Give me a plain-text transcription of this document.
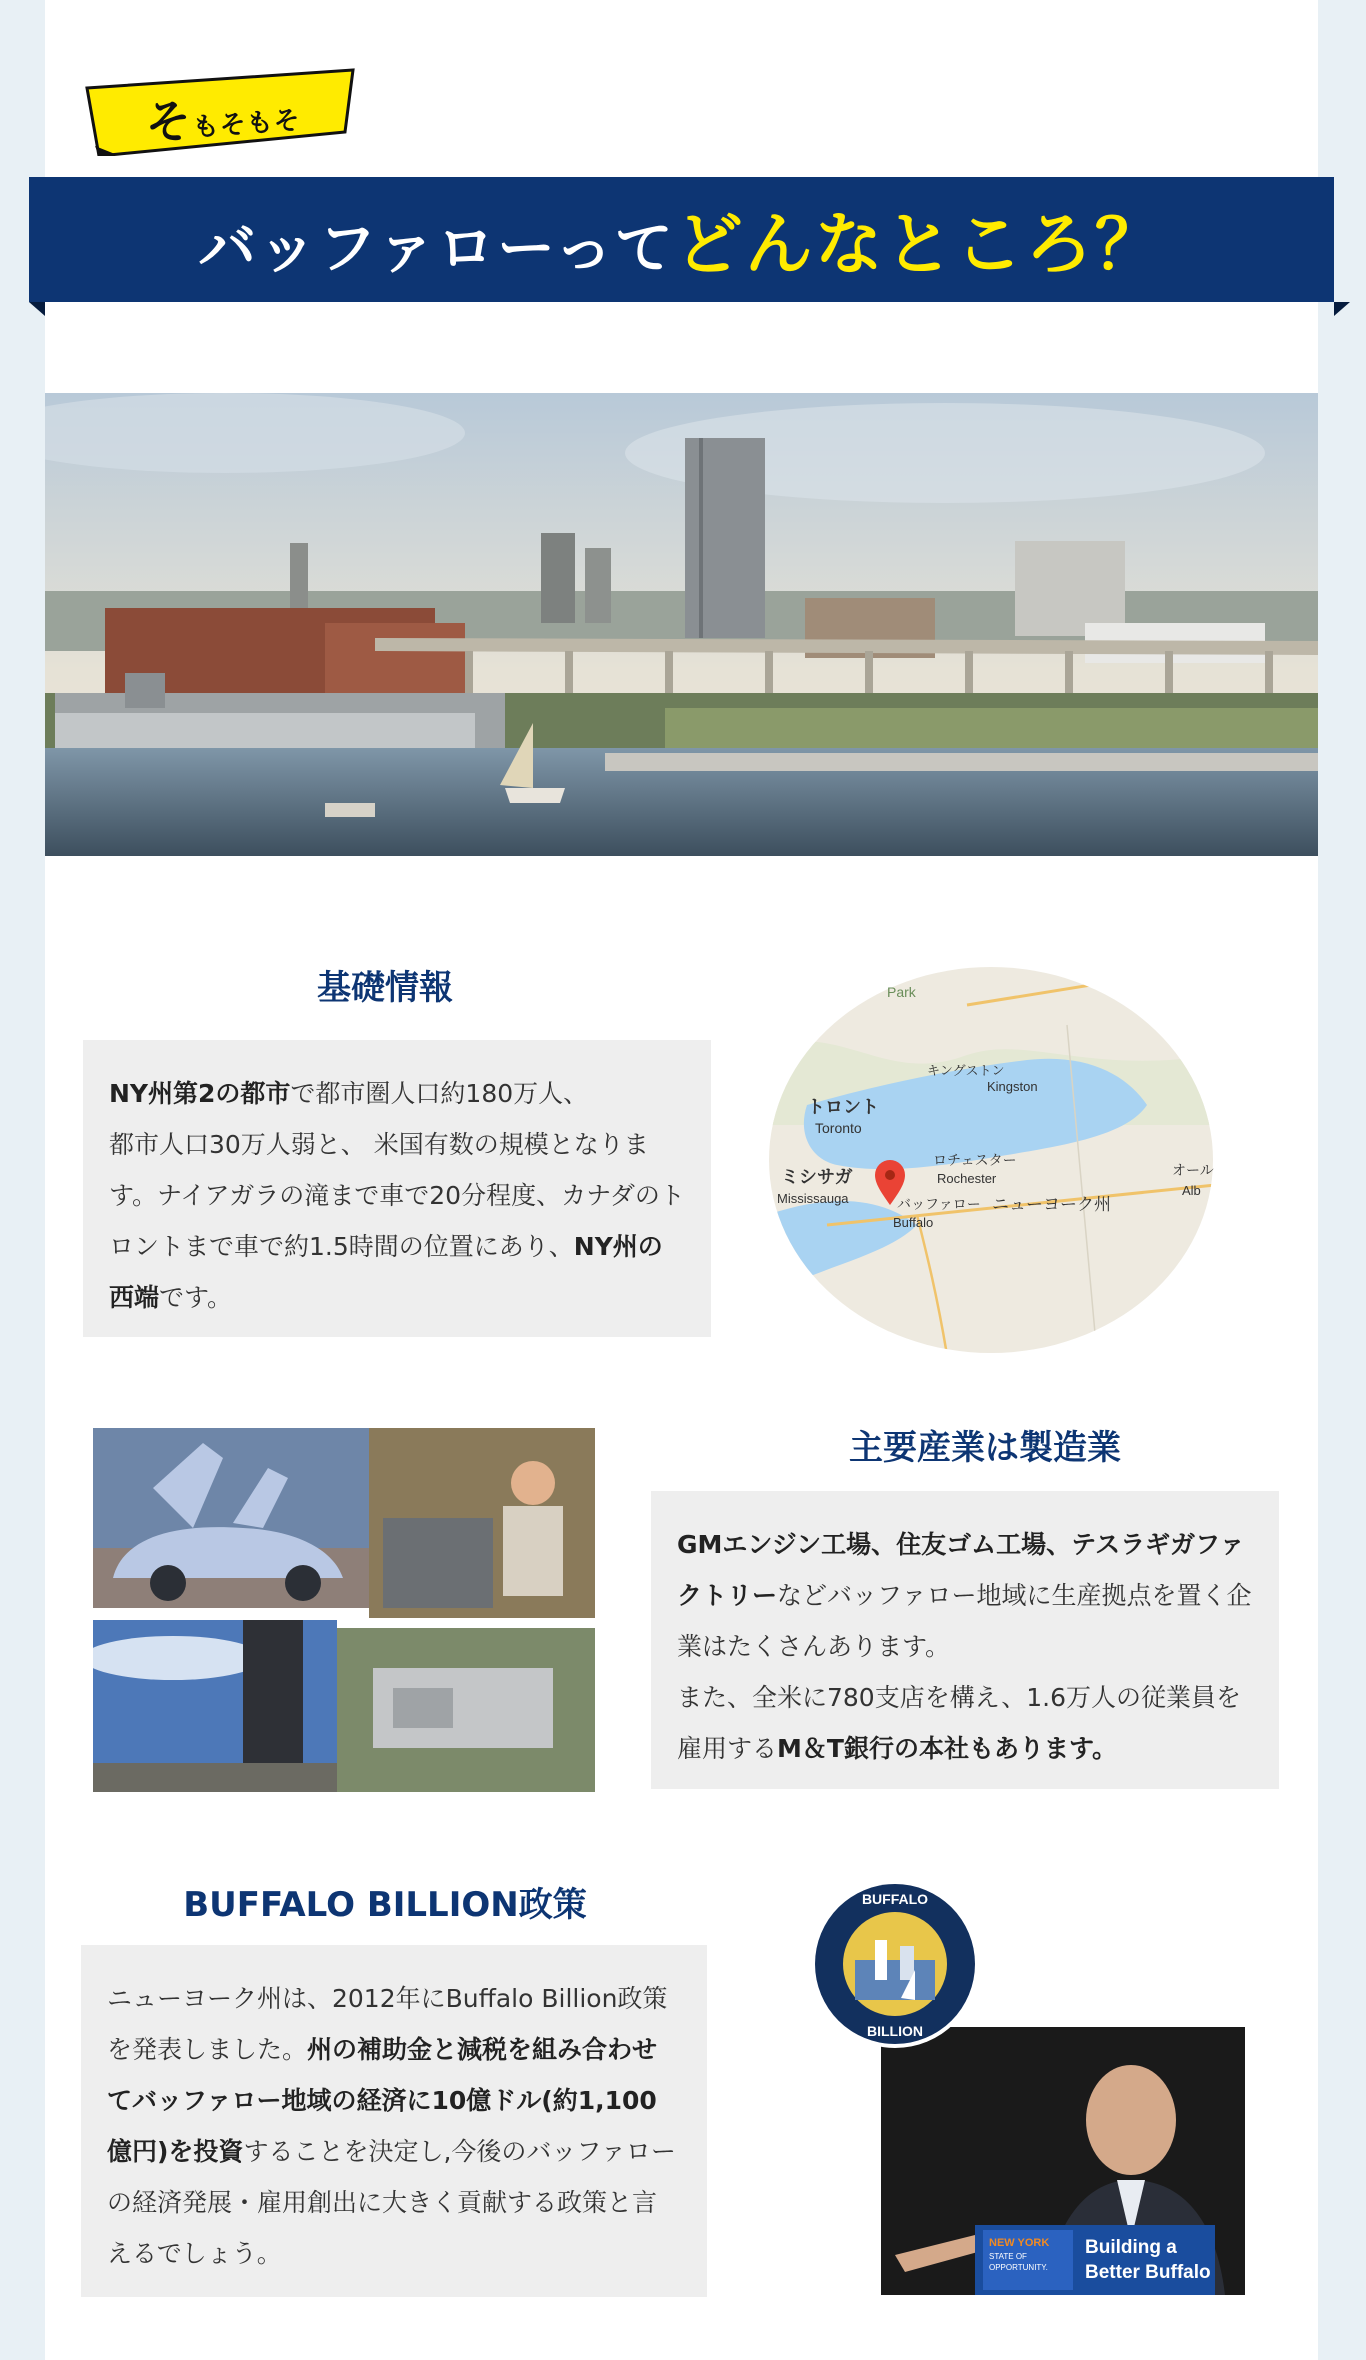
そもそもそ
バッファローってどんなところ？
基礎情報
NY州第2の都市で都市圏人口約180万人、
都市人口30万人弱と、 米国有数の規模となります。ナイアガラの滝まで車で20分程度、カナダのトロントまで車で約1.5時間の位置にあり、NY州の西端です。
Park
キングストン
Kingston
トロント
Toronto
ロチェスター
Rochester
ミシサガ
Mississauga	バッファロー
Buffalo
ニューヨーク州
オール
Alb
主要産業は製造業
GMエンジン工場、住友ゴム工場、テスラギガファクトリーなどバッファロー地域に生産拠点を置く企業はたくさんあります。
また、全米に780支店を構え、1.6万人の従業員を雇用するM＆T銀行の本社もあります。
BUFFALO BILLION政策
ニューヨーク州は、2012年にBuffalo Billion政策を発表しました。州の補助金と減税を組み合わせてバッファロー地域の経済に10億ドル(約1,100億円)を投資することを決定し,今後のバッファローの経済発展・雇用創出に大きく貢献する政策と言えるでしょう。	NEW YORK
STATE OF
OPPORTUNITY.
Building a
Better Buffalo
BUFFALO
BILLION
